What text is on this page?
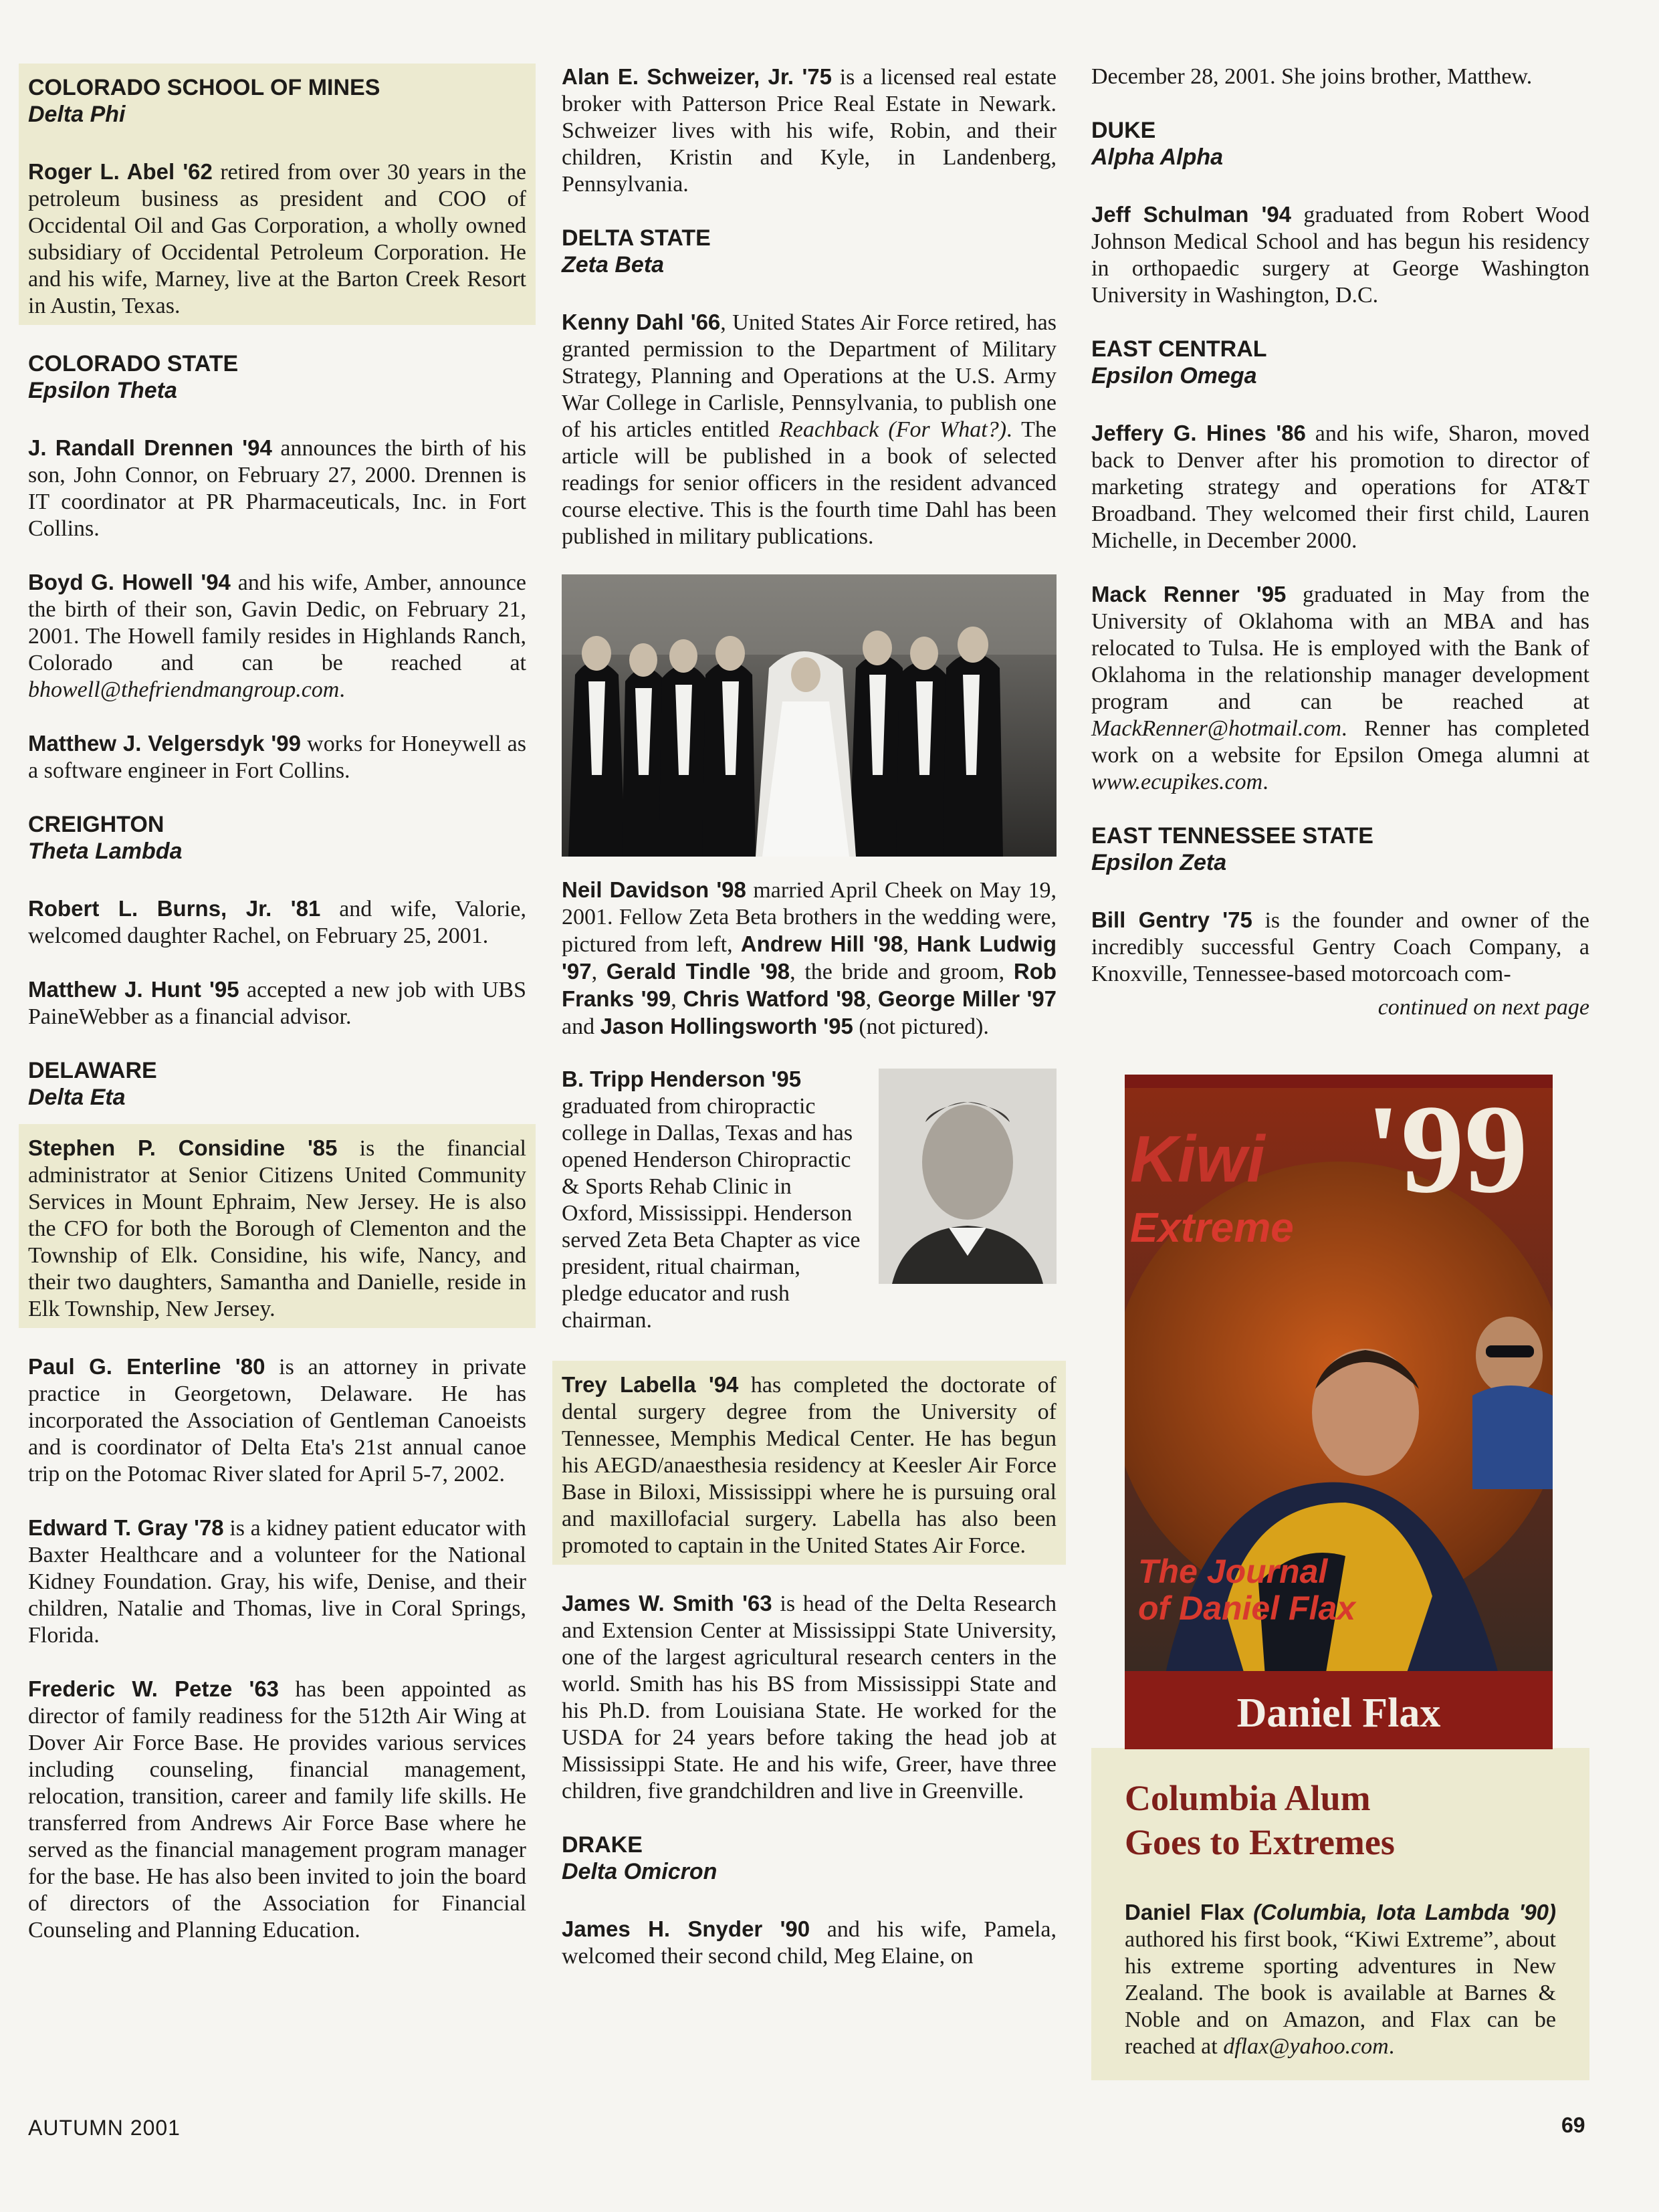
COLORADO SCHOOL OF MINES

Delta Phi

Roger L. Abel '62 retired from over 30 years in the petroleum business as president and COO of Occidental Oil and Gas Corporation, a wholly owned subsidiary of Occidental Petroleum Corporation. He and his wife, Marney, live at the Barton Creek Resort in Austin, Texas.

COLORADO STATE

Epsilon Theta

J. Randall Drennen '94 announces the birth of his son, John Connor, on February 27, 2000. Drennen is IT coordinator at PR Pharmaceuticals, Inc. in Fort Collins.

Boyd G. Howell '94 and his wife, Amber, announce the birth of their son, Gavin Dedic, on February 21, 2001. The Howell family resides in Highlands Ranch, Colorado and can be reached at bhowell@thefriendmangroup.com.

Matthew J. Velgersdyk '99 works for Honeywell as a software engineer in Fort Collins.

CREIGHTON

Theta Lambda

Robert L. Burns, Jr. '81 and wife, Valorie, welcomed daughter Rachel, on February 25, 2001.

Matthew J. Hunt '95 accepted a new job with UBS PaineWebber as a financial advisor.

DELAWARE

Delta Eta

Stephen P. Considine '85 is the financial administrator at Senior Citizens United Community Services in Mount Ephraim, New Jersey. He is also the CFO for both the Borough of Clementon and the Township of Elk. Considine, his wife, Nancy, and their two daughters, Samantha and Danielle, reside in Elk Township, New Jersey.

Paul G. Enterline '80 is an attorney in private practice in Georgetown, Delaware. He has incorporated the Association of Gentleman Canoeists and is coordinator of Delta Eta's 21st annual canoe trip on the Potomac River slated for April 5-7, 2002.

Edward T. Gray '78 is a kidney patient educator with Baxter Healthcare and a volunteer for the National Kidney Foundation. Gray, his wife, Denise, and their children, Natalie and Thomas, live in Coral Springs, Florida.

Frederic W. Petze '63 has been appointed as director of family readiness for the 512th Air Wing at Dover Air Force Base. He provides various services including counseling, financial management, relocation, transition, career and family life skills. He transferred from Andrews Air Force Base where he served as the financial management program manager for the base. He has also been invited to join the board of directors of the Association for Financial Counseling and Planning Education.

Alan E. Schweizer, Jr. '75 is a licensed real estate broker with Patterson Price Real Estate in Newark. Schweizer lives with his wife, Robin, and their children, Kristin and Kyle, in Landenberg, Pennsylvania.

DELTA STATE

Zeta Beta

Kenny Dahl '66, United States Air Force retired, has granted permission to the Department of Military Strategy, Planning and Operations at the U.S. Army War College in Carlisle, Pennsylvania, to publish one of his articles entitled Reachback (For What?). The article will be published in a book of selected readings for senior officers in the resident advanced course elective. This is the fourth time Dahl has been published in military publications.

Neil Davidson '98 married April Cheek on May 19, 2001. Fellow Zeta Beta brothers in the wedding were, pictured from left, Andrew Hill '98, Hank Ludwig '97, Gerald Tindle '98, the bride and groom, Rob Franks '99, Chris Watford '98, George Miller '97 and Jason Hollingsworth '95 (not pictured).

B. Tripp Henderson '95 graduated from chiropractic college in Dallas, Texas and has opened Henderson Chiropractic & Sports Rehab Clinic in Oxford, Mississippi. Henderson served Zeta Beta Chapter as vice president, ritual chairman, pledge educator and rush chairman.

Trey Labella '94 has completed the doctorate of dental surgery degree from the University of Tennessee, Memphis Medical Center. He has begun his AEGD/anaesthesia residency at Keesler Air Force Base in Biloxi, Mississippi where he is pursuing oral and maxillofacial surgery. Labella has also been promoted to captain in the United States Air Force.

James W. Smith '63 is head of the Delta Research and Extension Center at Mississippi State University, one of the largest agricultural research centers in the world. Smith has his BS from Mississippi State and his Ph.D. from Louisiana State. He worked for the USDA for 24 years before taking the head job at Mississippi State. He and his wife, Greer, have three children, five grandchildren and live in Greenville.

DRAKE

Delta Omicron

James H. Snyder '90 and his wife, Pamela, welcomed their second child, Meg Elaine, on

December 28, 2001. She joins brother, Matthew.

DUKE

Alpha Alpha

Jeff Schulman '94 graduated from Robert Wood Johnson Medical School and has begun his residency in orthopaedic surgery at George Washington University in Washington, D.C.

EAST CENTRAL

Epsilon Omega

Jeffery G. Hines '86 and his wife, Sharon, moved back to Denver after his promotion to director of marketing strategy and operations for AT&T Broadband. They welcomed their first child, Lauren Michelle, in December 2000.

Mack Renner '95 graduated in May from the University of Oklahoma with an MBA and has relocated to Tulsa. He is employed with the Bank of Oklahoma in the relationship manager development program and can be reached at MackRenner@hotmail.com. Renner has completed work on a website for Epsilon Omega alumni at www.ecupikes.com.

EAST TENNESSEE STATE

Epsilon Zeta

Bill Gentry '75 is the founder and owner of the incredibly successful Gentry Coach Company, a Knoxville, Tennessee-based motorcoach com-

continued on next page

Kiwi '99
Extreme
The Journal
of Daniel Flax
Daniel Flax

Columbia Alum
Goes to Extremes

Daniel Flax (Columbia, Iota Lambda '90) authored his first book, “Kiwi Extreme”, about his extreme sporting adventures in New Zealand. The book is available at Barnes & Noble and on Amazon, and Flax can be reached at dflax@yahoo.com.

AUTUMN 2001	69
